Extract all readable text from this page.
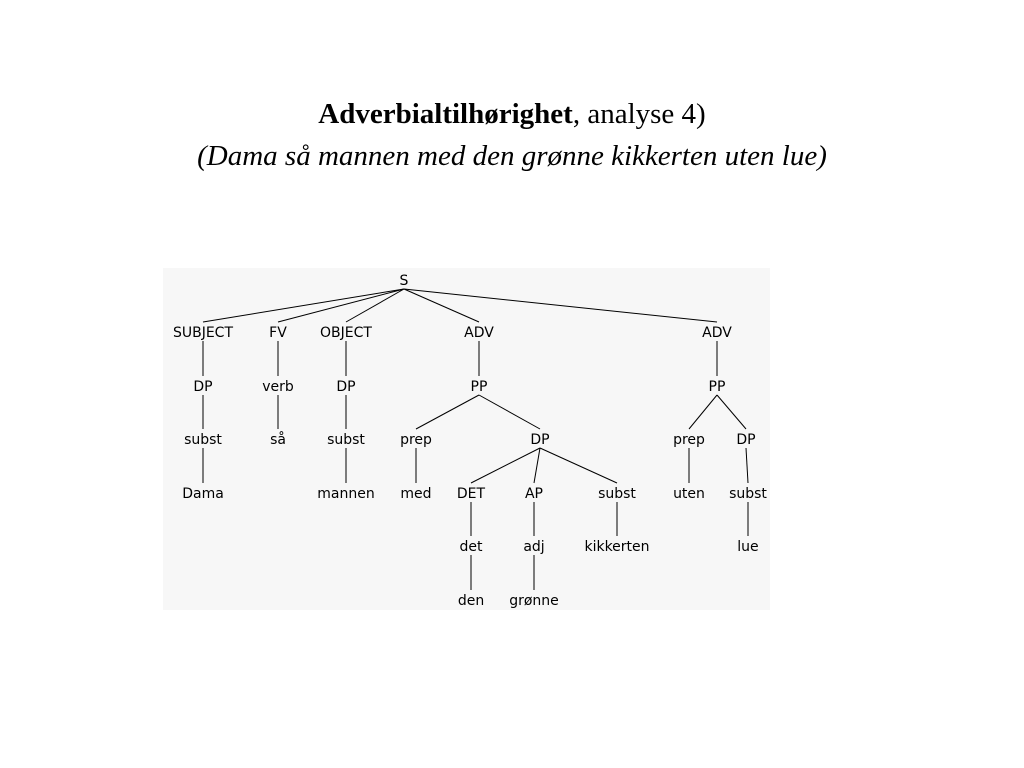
Adverbialtilhørighet, analyse 4)
(Dama så mannen med den grønne kikkerten uten lue)
S
SUBJECT	FV OBJECT	ADV	ADV
DP	verb	DP	PP	PP
subst	så	subst	prep	DP	prep DP
Dama	mannen med DET	AP	subst	uten subst
det	adj	kikkerten	lue
den grønne
